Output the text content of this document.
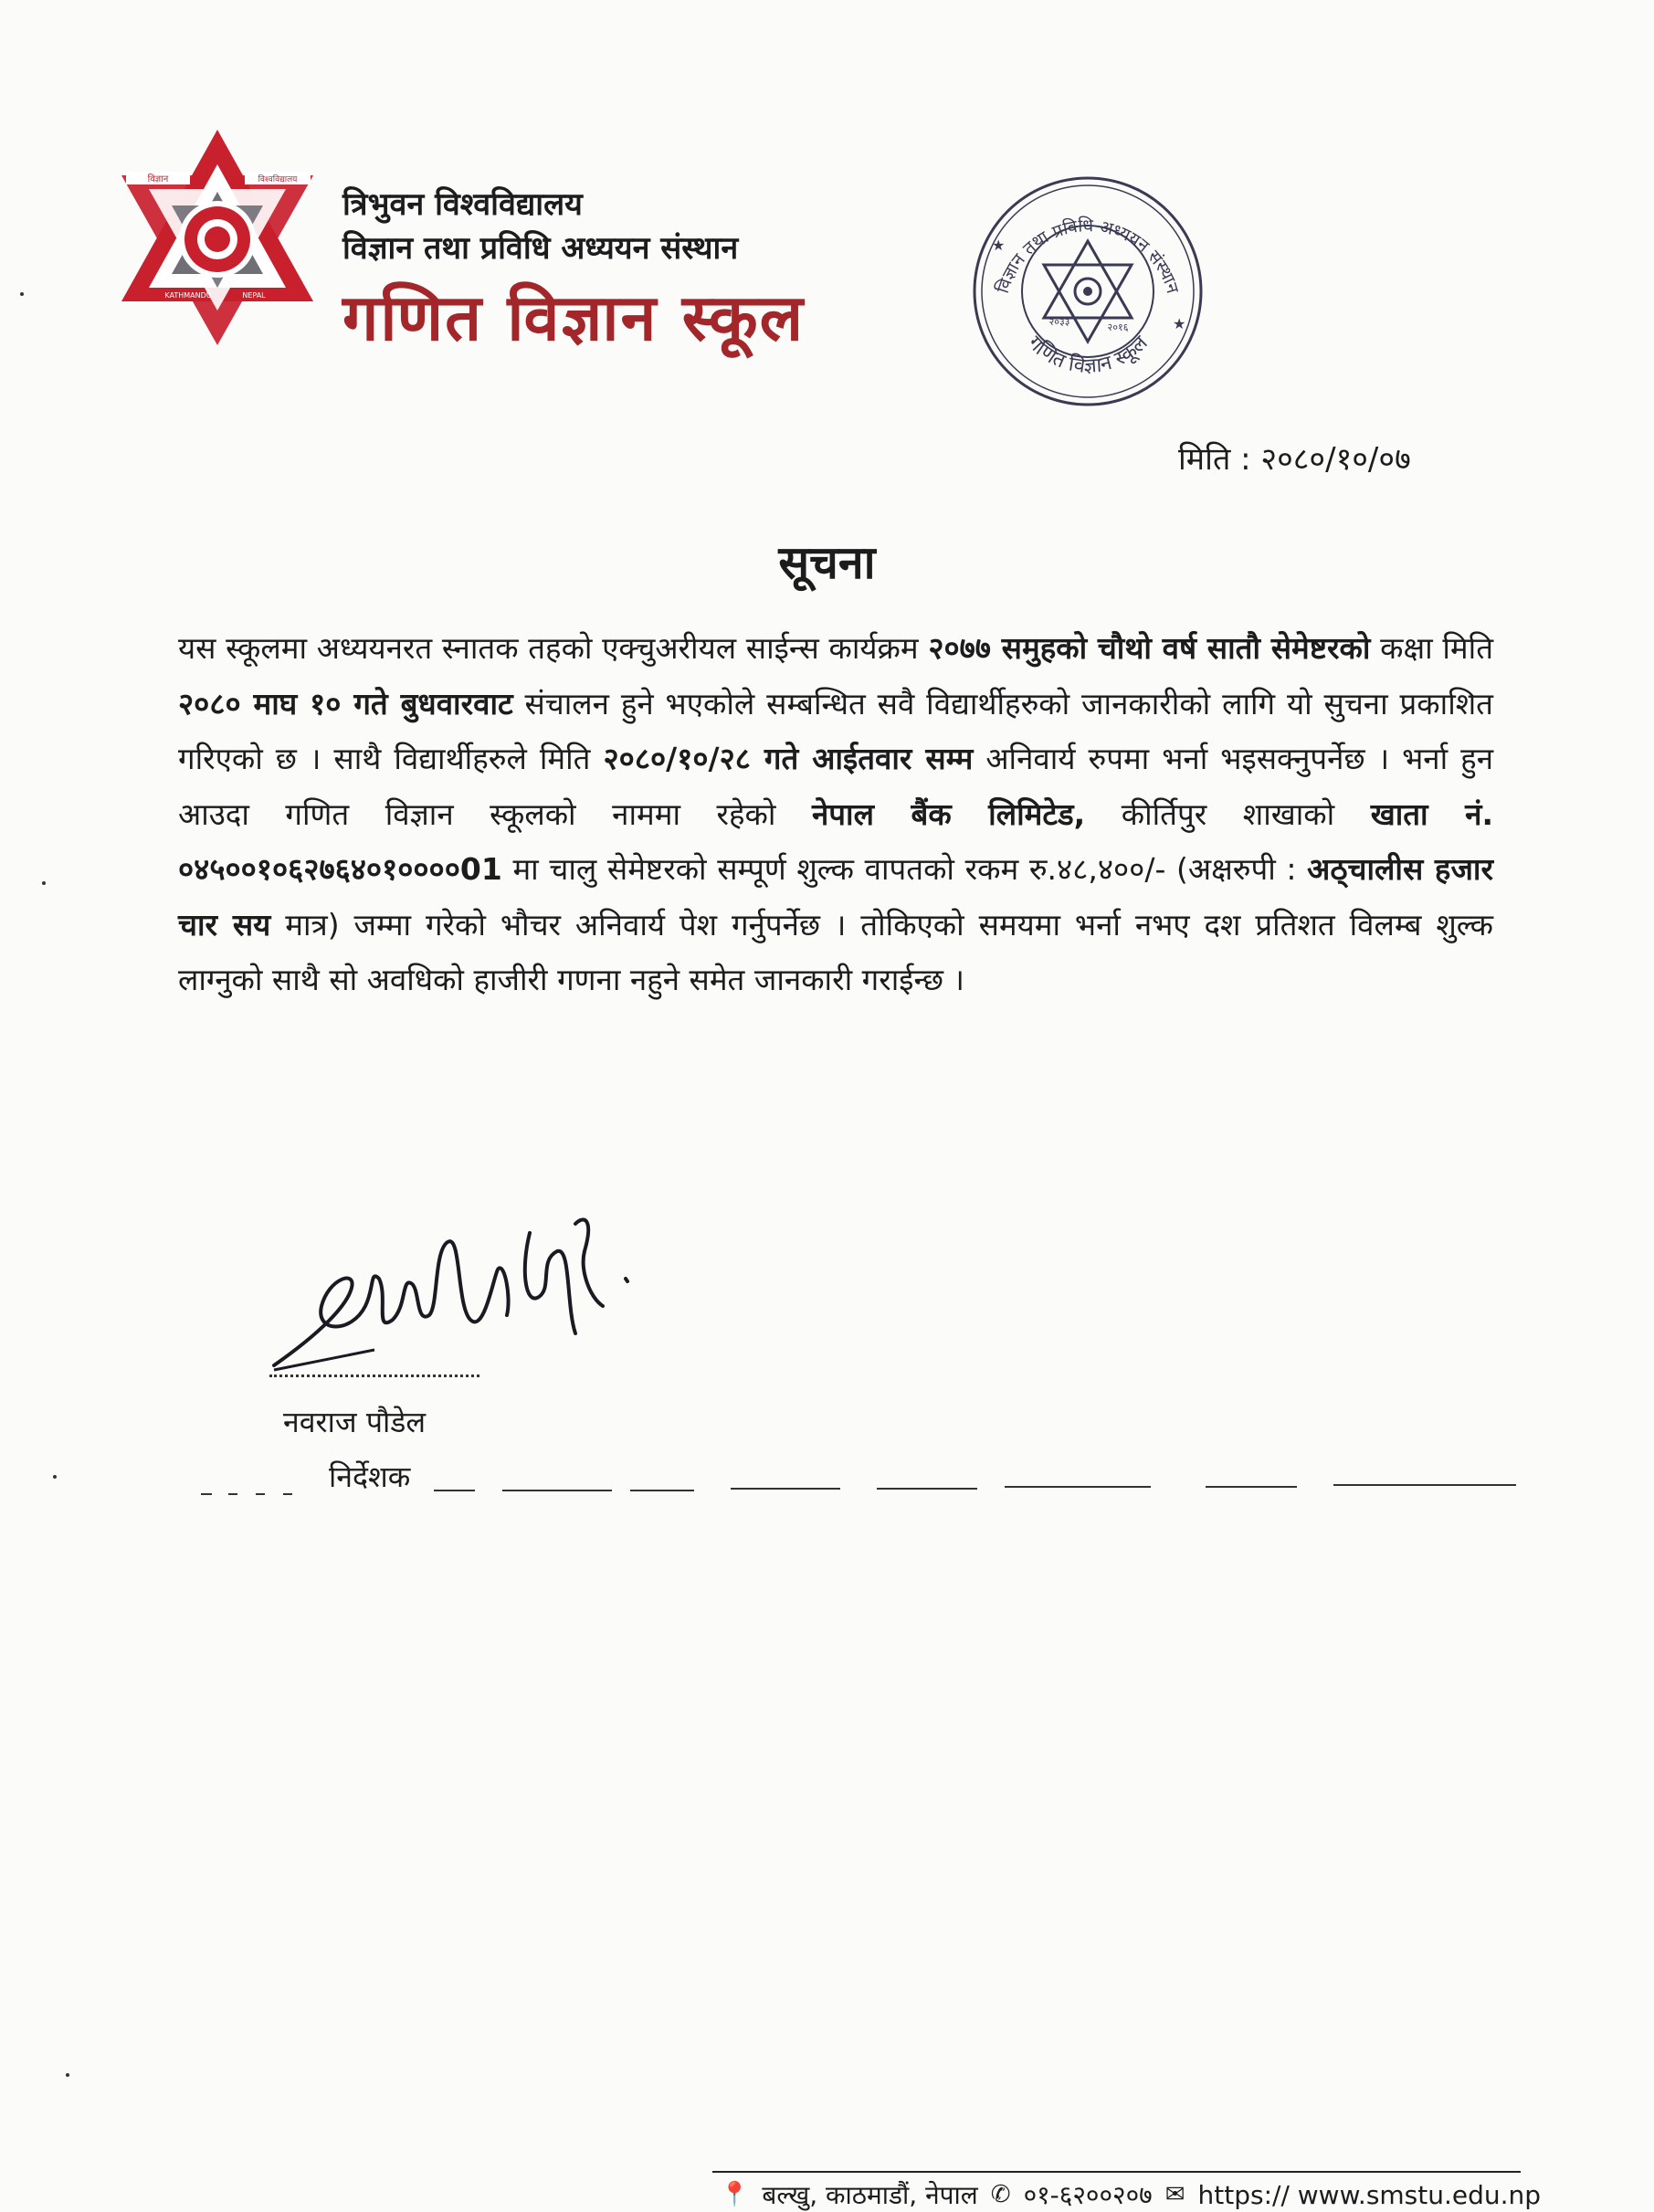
विज्ञान	विश्वविद्यालय
KATHMANDU	NEPAL
त्रिभुवन विश्वविद्यालय
विज्ञान तथा प्रविधि अध्ययन संस्थान
गणित विज्ञान स्कूल	विज्ञान तथा प्रविधि अध्ययन संस्थान
गणित विज्ञान स्कूल
२०३३	२०१६
★
★
मिति : २०८०/१०/०७
सूचना
यस स्कूलमा अध्ययनरत स्नातक तहको एक्चुअरीयल साईन्स कार्यक्रम २०७७ समुहको चौथो वर्ष सातौ सेमेष्टरको कक्षा मिति २०८० माघ १० गते बुधवारवाट संचालन हुने भएकोले सम्बन्धित सवै विद्यार्थीहरुको जानकारीको लागि यो सुचना प्रकाशित गरिएको छ । साथै विद्यार्थीहरुले मिति २०८०/१०/२८ गते आईतवार सम्म अनिवार्य रुपमा भर्ना भइसक्नुपर्नेछ । भर्ना हुन आउदा गणित विज्ञान स्कूलको नाममा रहेको नेपाल बैंक लिमिटेड, कीर्तिपुर शाखाको खाता नं. ०४५००१०६२७६४०१००००01 मा चालु सेमेष्टरको सम्पूर्ण शुल्क वापतको रकम रु.४८,४००/- (अक्षरुपी : अठ्चालीस हजार चार सय मात्र) जम्मा गरेको भौचर अनिवार्य पेश गर्नुपर्नेछ । तोकिएको समयमा भर्ना नभए दश प्रतिशत विलम्ब शुल्क लाग्नुको साथै सो अवधिको हाजीरी गणना नहुने समेत जानकारी गराईन्छ ।
नवराज पौडेल
निर्देशक
📍 बल्खु, काठमाडौं, नेपाल ✆ ०१-६२००२०७ ✉ https:// www.smstu.edu.np
